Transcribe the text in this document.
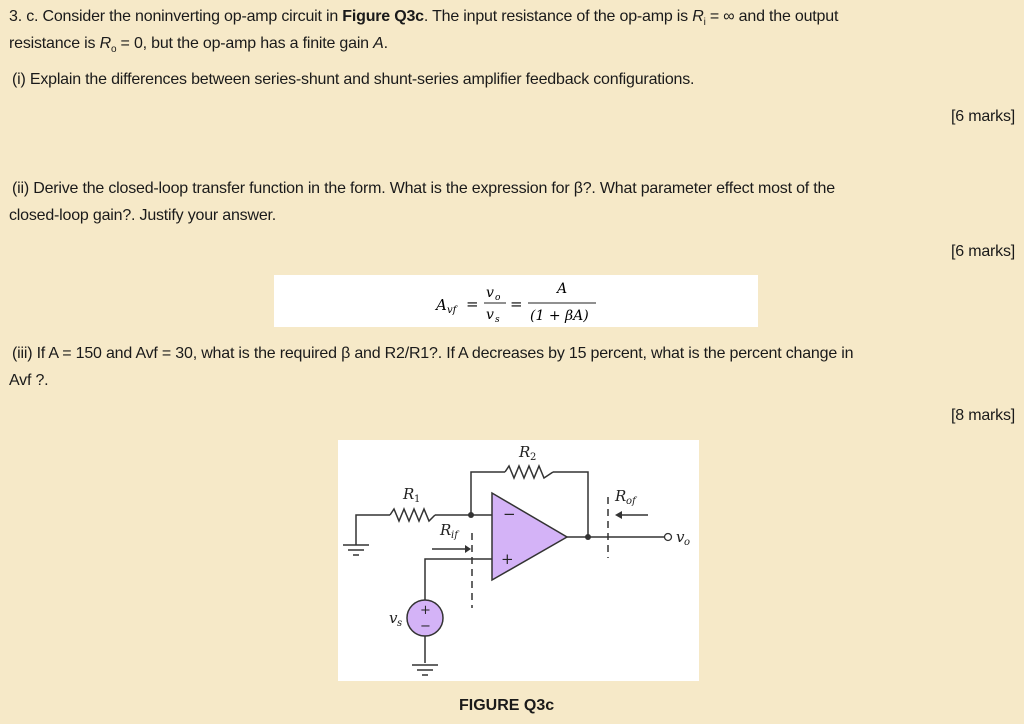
3. c. Consider the noninverting op-amp circuit in Figure Q3c. The input resistance of the op-amp is $R_i$ = ∞ and the output
resistance is $R_o = 0$, but the op-amp has a finite gain A.
(i) Explain the differences between series-shunt and shunt-series amplifier feedback configurations.
[6 marks]
(ii) Derive the closed-loop transfer function in the form. What is the expression for β?. What parameter effect most of the
closed-loop gain?. Justify your answer.
[6 marks]
A vf =
v o
v s
=
A
(1 + βA)
(iii) If A = 150 and Avf = 30, what is the required β and R2/R1?. If A decreases by 15 percent, what is the percent change in
Avf ?.
[8 marks]
−
+
+
−
R 1
R 2
R if
R of
v o
v s
FIGURE Q3c
